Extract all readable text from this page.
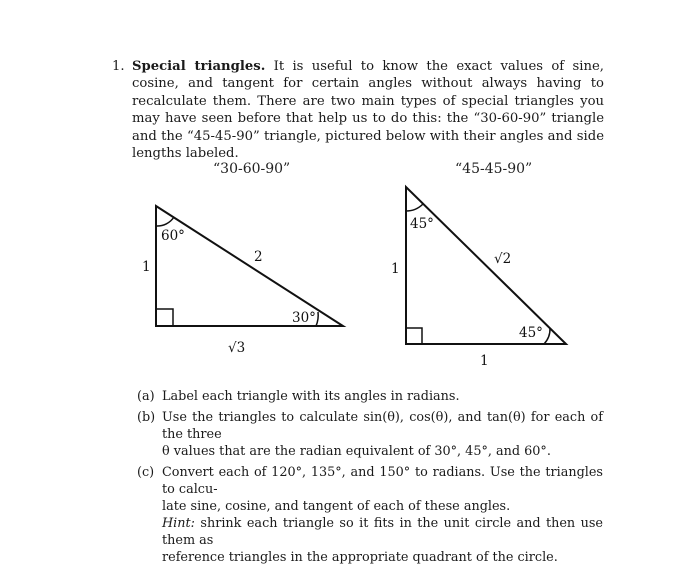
1. Special triangles. It is useful to know the exact values of sine, cosine, and tangent for certain angles without always having to recalculate them. There are two main types of special triangles you may have seen before that help us to do this: the “30-60-90” triangle and the “45-45-90” triangle, pictured below with their angles and side lengths labeled.
“30-60-90”	“45-45-90”
60°
30°
1
2
√3
45°
45°
1
√2
1
(a) Label each triangle with its angles in radians.
(b) Use the triangles to calculate sin(θ), cos(θ), and tan(θ) for each of the three
θ values that are the radian equivalent of 30°, 45°, and 60°.
(c) Convert each of 120°, 135°, and 150° to radians. Use the triangles to calcu-
late sine, cosine, and tangent of each of these angles.
Hint: shrink each triangle so it fits in the unit circle and then use them as
reference triangles in the appropriate quadrant of the circle.
